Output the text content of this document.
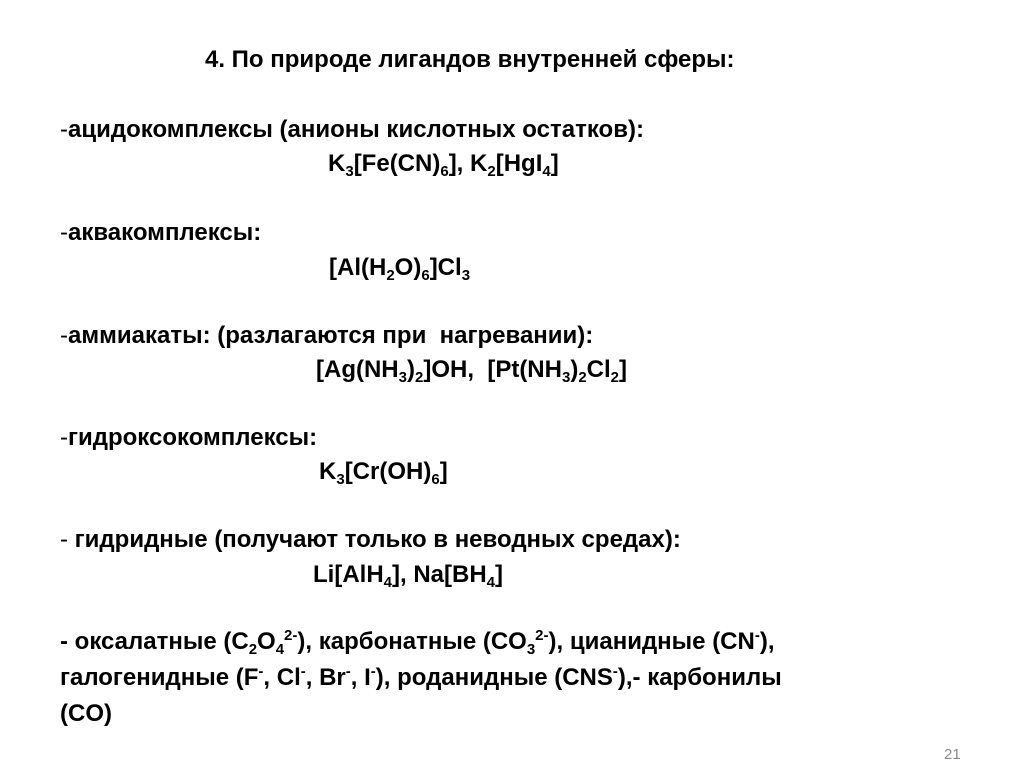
4. По природе лигандов внутренней сферы:
-ацидокомплексы (анионы кислотных остатков):
$K_3[Fe(CN)_6]$, $K_2[HgI_4]$
-аквакомплексы:
$[Al(H_2O)_6]Cl_3$
-аммиакаты: (разлагаются при  нагревании):
$[Ag(NH_3)_2]OH$,  $[Pt(NH_3)_2Cl_2]$
-гидроксокомплексы:
$K_3[Cr(OH)_6]$
- гидридные (получают только в неводных средах):
Li[AlH$_4$], $Na[BH_4]$
- оксалатные $(C_2O_4^{2-})$, карбонатные $(CO_3^{2-})$, цианидные (CN-),
галогенидные (F-, Cl-, Br-, I-), роданидные (CNS-),- карбонилы
(CO)
21
